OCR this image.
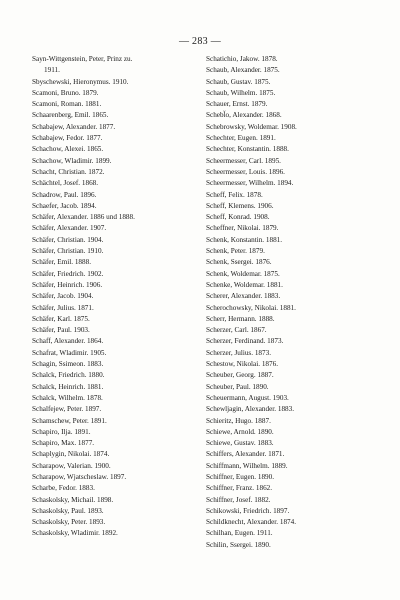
— 283 —
Sayn-Wittgenstein, Peter, Prinz zu.
1911.
Sbyschewski, Hieronymus. 1910.
Scamoni, Bruno. 1879.
Scamoni, Roman. 1881.
Schaarenberg, Emil. 1865.
Schabajew, Alexander. 1877.
Schabajew, Fedor. 1877.
Schachow, Alexei. 1865.
Schachow, Wladimir. 1899.
Schacht, Christian. 1872.
Schächtel, Josef. 1868.
Schadrow, Paul. 1896.
Schaefer, Jacob. 1894.
Schäfer, Alexander. 1886 und 1888.
Schäfer, Alexander. 1907.
Schäfer, Christian. 1904.
Schäfer, Christian. 1910.
Schäfer, Emil. 1888.
Schäfer, Friedrich. 1902.
Schäfer, Heinrich. 1906.
Schäfer, Jacob. 1904.
Schäfer, Julius. 1871.
Schäfer, Karl. 1875.
Schäfer, Paul. 1903.
Schaff, Alexander. 1864.
Schafrat, Wladimir. 1905.
Schagin, Ssimeon. 1883.
Schalck, Friedrich. 1880.
Schalck, Heinrich. 1881.
Schalck, Wilhelm. 1878.
Schalfejew, Peter. 1897.
Schamschew, Peter. 1891.
Schapiro, Ilja. 1891.
Schapiro, Max. 1877.
Schaplygin, Nikolai. 1874.
Scharapow, Valerian. 1900.
Scharapow, Wjatscheslaw. 1897.
Scharbe, Fedor. 1883.
Schaskolsky, Michail. 1898.
Schaskolsky, Paul. 1893.
Schaskolsky, Peter. 1893.
Schaskolsky, Wladimir. 1892.
Schatichio, Jakow. 1878.
Schaub, Alexander. 1875.
Schaub, Gustav. 1875.
Schaub, Wilhelm. 1875.
Schauer, Ernst. 1879.
Schebl̆o, Alexander. 1868.
Schebrowsky, Woldemar. 1908.
Schechter, Eugen. 1891.
Schechter, Konstantin. 1888.
Scheermesser, Carl. 1895.
Scheermesser, Louis. 1896.
Scheermesser, Wilhelm. 1894.
Scheff, Felix. 1878.
Scheff, Klemens. 1906.
Scheff, Konrad. 1908.
Scheffner, Nikolai. 1879.
Schenk, Konstantin. 1881.
Schenk, Peter. 1879.
Schenk, Ssergei. 1876.
Schenk, Woldemar. 1875.
Schenke, Woldemar. 1881.
Scherer, Alexander. 1883.
Scherochowsky, Nikolai. 1881.
Scherr, Hermann. 1888.
Scherzer, Carl. 1867.
Scherzer, Ferdinand. 1873.
Scherzer, Julius. 1873.
Schestow, Nikolai. 1876.
Scheuber, Georg. 1887.
Scheuber, Paul. 1890.
Scheuermann, August. 1903.
Schewljagin, Alexander. 1883.
Schieritz, Hugo. 1887.
Schiewe, Arnold. 1890.
Schiewe, Gustav. 1883.
Schiffers, Alexander. 1871.
Schiffmann, Wilhelm. 1889.
Schiffner, Eugen. 1890.
Schiffner, Franz. 1862.
Schiffner, Josef. 1882.
Schikowski, Friedrich. 1897.
Schildknecht, Alexander. 1874.
Schilhan, Eugen. 1911.
Schilin, Ssergei. 1890.
